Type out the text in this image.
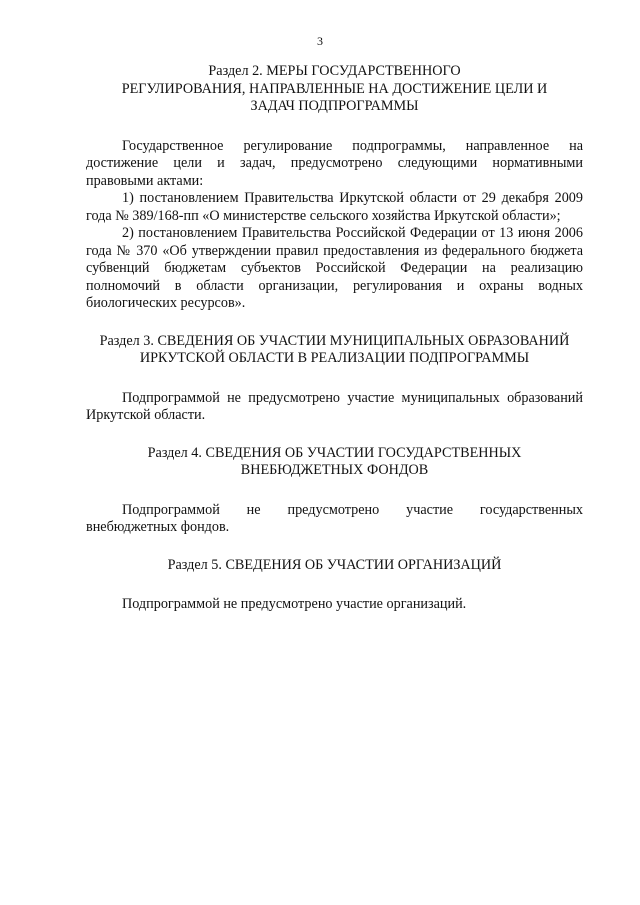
3
Раздел 2. МЕРЫ ГОСУДАРСТВЕННОГО
РЕГУЛИРОВАНИЯ, НАПРАВЛЕННЫЕ НА ДОСТИЖЕНИЕ ЦЕЛИ И
ЗАДАЧ ПОДПРОГРАММЫ

Государственное регулирование подпрограммы, направленное на достижение цели и задач, предусмотрено следующими нормативными правовыми актами:

1) постановлением Правительства Иркутской области от 29 декабря 2009 года № 389/168-пп «О министерстве сельского хозяйства Иркутской области»;

2) постановлением Правительства Российской Федерации от 13 июня 2006 года № 370 «Об утверждении правил предоставления из федерального бюджета субвенций бюджетам субъектов Российской Федерации на реализацию полномочий в области организации, регулирования и охраны водных биологических ресурсов».

Раздел 3. СВЕДЕНИЯ ОБ УЧАСТИИ МУНИЦИПАЛЬНЫХ ОБРАЗОВАНИЙ
ИРКУТСКОЙ ОБЛАСТИ В РЕАЛИЗАЦИИ ПОДПРОГРАММЫ

Подпрограммой не предусмотрено участие муниципальных образований Иркутской области.

Раздел 4. СВЕДЕНИЯ ОБ УЧАСТИИ ГОСУДАРСТВЕННЫХ
ВНЕБЮДЖЕТНЫХ ФОНДОВ

Подпрограммой не предусмотрено участие государственных внебюджетных фондов.

Раздел 5. СВЕДЕНИЯ ОБ УЧАСТИИ ОРГАНИЗАЦИЙ

Подпрограммой не предусмотрено участие организаций.
